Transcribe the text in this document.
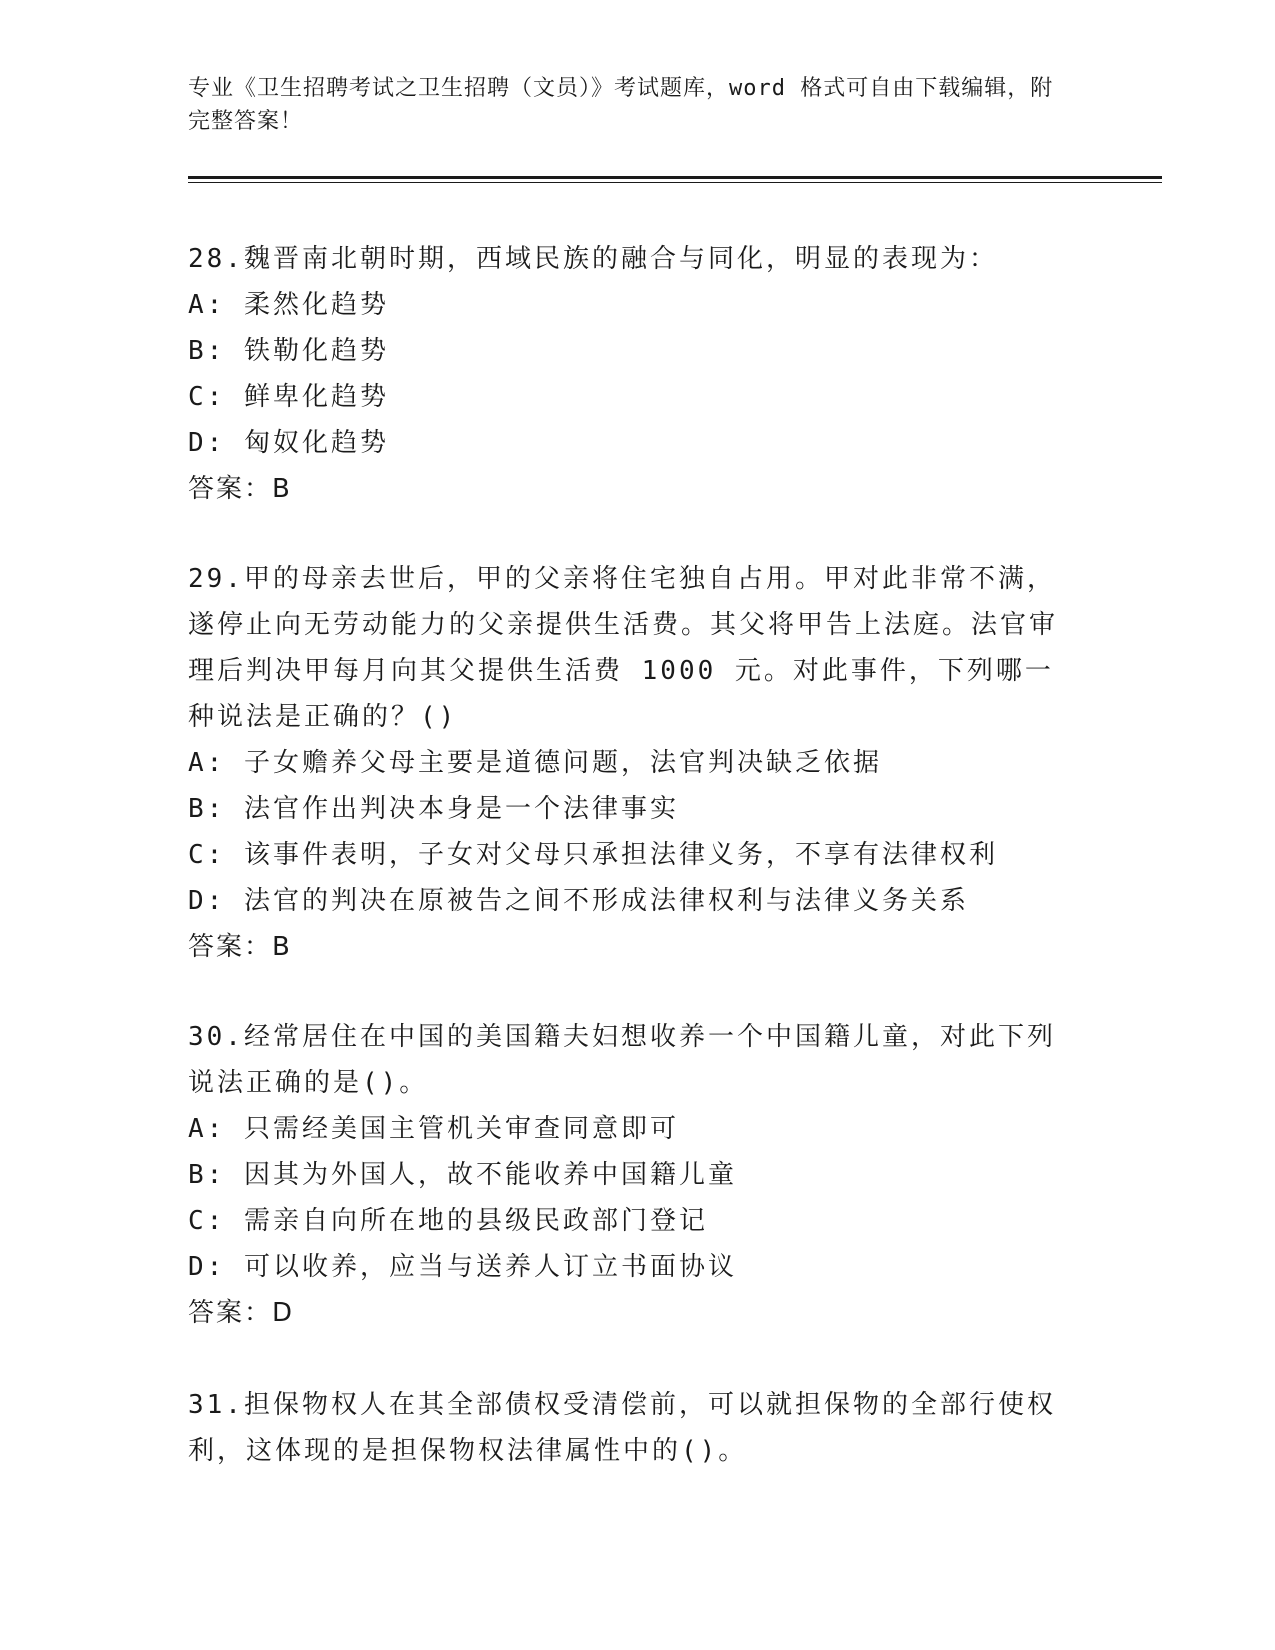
专业《卫生招聘考试之卫生招聘（文员）》考试题库，word 格式可自由下载编辑，附完整答案！

28.魏晋南北朝时期，西域民族的融合与同化，明显的表现为：

A: 柔然化趋势

B: 铁勒化趋势

C: 鲜卑化趋势

D: 匈奴化趋势

答案：B

29.甲的母亲去世后，甲的父亲将住宅独自占用。甲对此非常不满，遂停止向无劳动能力的父亲提供生活费。其父将甲告上法庭。法官审理后判决甲每月向其父提供生活费 1000 元。对此事件，下列哪一种说法是正确的？()

A: 子女赡养父母主要是道德问题，法官判决缺乏依据

B: 法官作出判决本身是一个法律事实

C: 该事件表明，子女对父母只承担法律义务，不享有法律权利

D: 法官的判决在原被告之间不形成法律权利与法律义务关系

答案：B

30.经常居住在中国的美国籍夫妇想收养一个中国籍儿童，对此下列说法正确的是()。

A: 只需经美国主管机关审查同意即可

B: 因其为外国人，故不能收养中国籍儿童

C: 需亲自向所在地的县级民政部门登记

D: 可以收养，应当与送养人订立书面协议

答案：D

31.担保物权人在其全部债权受清偿前，可以就担保物的全部行使权利，这体现的是担保物权法律属性中的()。
